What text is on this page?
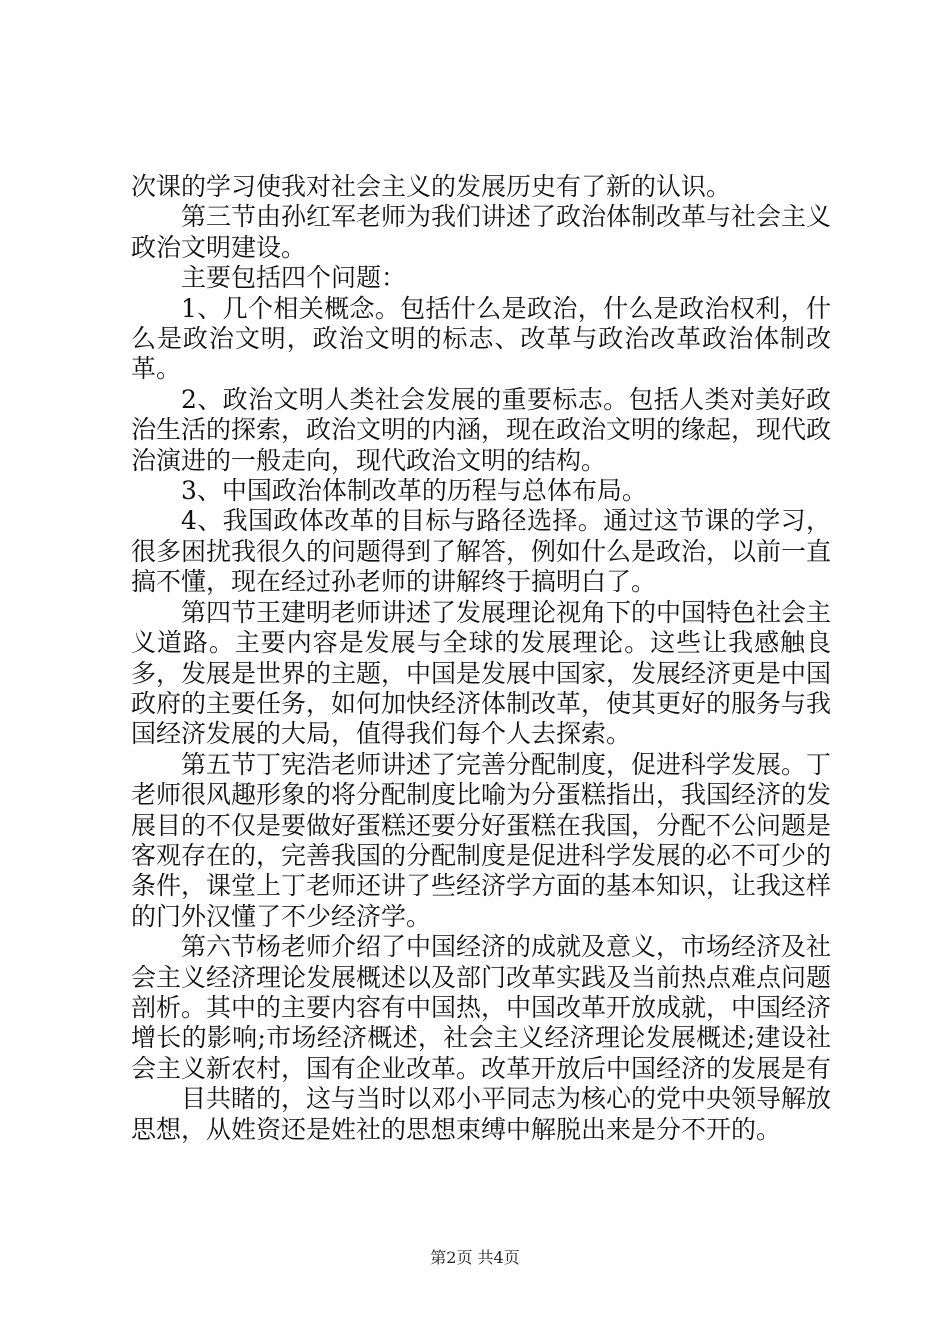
次课的学习使我对社会主义的发展历史有了新的认识。

第三节由孙红军老师为我们讲述了政治体制改革与社会主义政治文明建设。

主要包括四个问题：

1、几个相关概念。包括什么是政治，什么是政治权利，什么是政治文明，政治文明的标志、改革与政治改革政治体制改革。

2、政治文明人类社会发展的重要标志。包括人类对美好政治生活的探索，政治文明的内涵，现在政治文明的缘起，现代政治演进的一般走向，现代政治文明的结构。

3、中国政治体制改革的历程与总体布局。

4、我国政体改革的目标与路径选择。通过这节课的学习，很多困扰我很久的问题得到了解答，例如什么是政治，以前一直搞不懂，现在经过孙老师的讲解终于搞明白了。

第四节王建明老师讲述了发展理论视角下的中国特色社会主义道路。主要内容是发展与全球的发展理论。这些让我感触良多，发展是世界的主题，中国是发展中国家，发展经济更是中国政府的主要任务，如何加快经济体制改革，使其更好的服务与我国经济发展的大局，值得我们每个人去探索。

第五节丁宪浩老师讲述了完善分配制度，促进科学发展。丁老师很风趣形象的将分配制度比喻为分蛋糕指出，我国经济的发展目的不仅是要做好蛋糕还要分好蛋糕在我国，分配不公问题是客观存在的，完善我国的分配制度是促进科学发展的必不可少的条件，课堂上丁老师还讲了些经济学方面的基本知识，让我这样的门外汉懂了不少经济学。

第六节杨老师介绍了中国经济的成就及意义，市场经济及社会主义经济理论发展概述以及部门改革实践及当前热点难点问题剖析。其中的主要内容有中国热，中国改革开放成就，中国经济增长的影响;市场经济概述，社会主义经济理论发展概述;建设社会主义新农村，国有企业改革。改革开放后中国经济的发展是有

目共睹的，这与当时以邓小平同志为核心的党中央领导解放思想，从姓资还是姓社的思想束缚中解脱出来是分不开的。

第2页 共4页
